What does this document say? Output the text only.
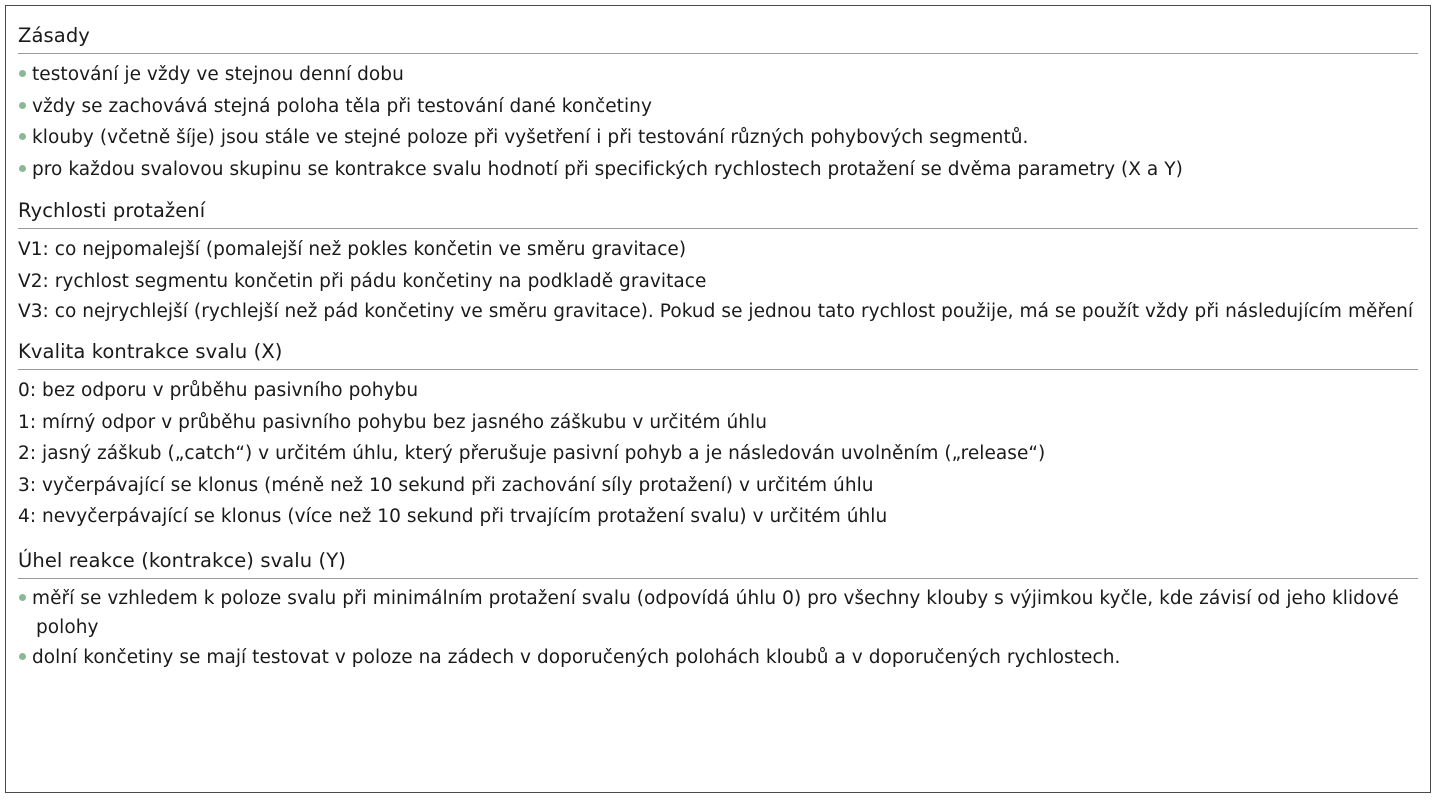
Zásady
testování je vždy ve stejnou denní dobu
vždy se zachovává stejná poloha těla při testování dané končetiny
klouby (včetně šíje) jsou stále ve stejné poloze při vyšetření i při testování různých pohybových segmentů.
pro každou svalovou skupinu se kontrakce svalu hodnotí při specifických rychlostech protažení se dvěma parametry (X a Y)
Rychlosti protažení
V1: co nejpomalejší (pomalejší než pokles končetin ve směru gravitace)
V2: rychlost segmentu končetin při pádu končetiny na podkladě gravitace
V3: co nejrychlejší (rychlejší než pád končetiny ve směru gravitace). Pokud se jednou tato rychlost použije, má se použít vždy při následujícím měření
Kvalita kontrakce svalu (X)
0: bez odporu v průběhu pasivního pohybu
1: mírný odpor v průběhu pasivního pohybu bez jasného záškubu v určitém úhlu
2: jasný záškub („catch“) v určitém úhlu, který přerušuje pasivní pohyb a je následován uvolněním („release“)
3: vyčerpávající se klonus (méně než 10 sekund při zachování síly protažení) v určitém úhlu
4: nevyčerpávající se klonus (více než 10 sekund při trvajícím protažení svalu) v určitém úhlu
Úhel reakce (kontrakce) svalu (Y)
měří se vzhledem k poloze svalu při minimálním protažení svalu (odpovídá úhlu 0) pro všechny klouby s výjimkou kyčle, kde závisí od jeho klidové polohy
dolní končetiny se mají testovat v poloze na zádech v doporučených polohách kloubů a v doporučených rychlostech.
